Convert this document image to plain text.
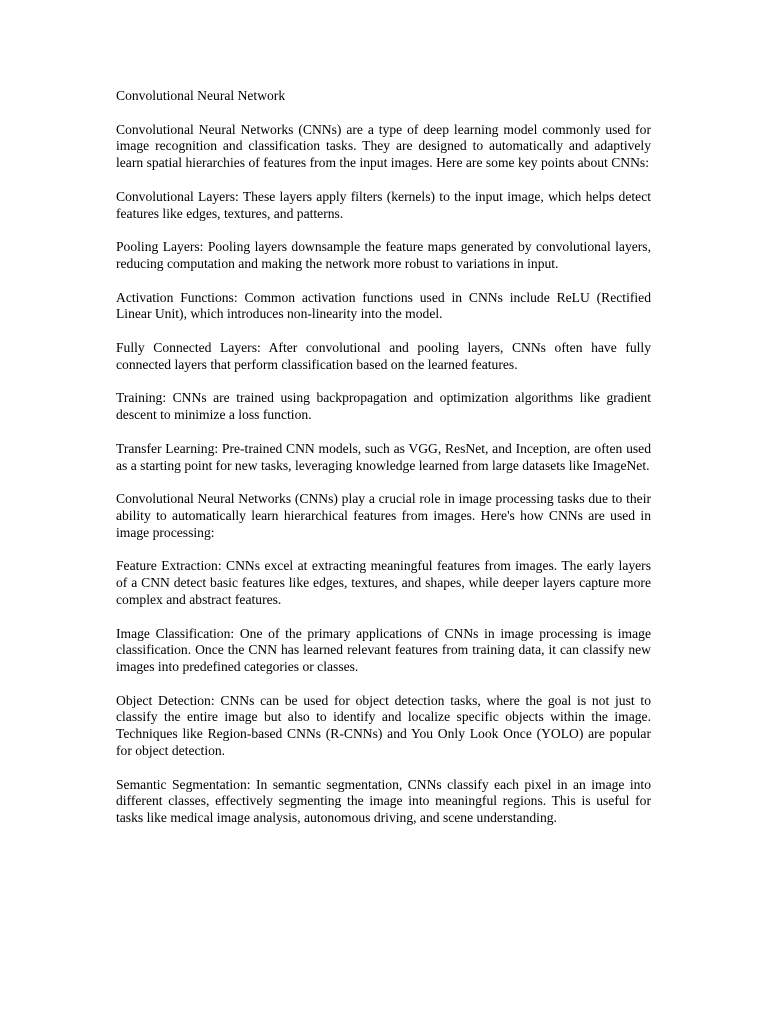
Convolutional Neural Network

Convolutional Neural Networks (CNNs) are a type of deep learning model commonly used for image recognition and classification tasks. They are designed to automatically and adaptively learn spatial hierarchies of features from the input images. Here are some key points about CNNs:

Convolutional Layers: These layers apply filters (kernels) to the input image, which helps detect features like edges, textures, and patterns.

Pooling Layers: Pooling layers downsample the feature maps generated by convolutional layers, reducing computation and making the network more robust to variations in input.

Activation Functions: Common activation functions used in CNNs include ReLU (Rectified Linear Unit), which introduces non-linearity into the model.

Fully Connected Layers: After convolutional and pooling layers, CNNs often have fully connected layers that perform classification based on the learned features.

Training: CNNs are trained using backpropagation and optimization algorithms like gradient descent to minimize a loss function.

Transfer Learning: Pre-trained CNN models, such as VGG, ResNet, and Inception, are often used as a starting point for new tasks, leveraging knowledge learned from large datasets like ImageNet.

Convolutional Neural Networks (CNNs) play a crucial role in image processing tasks due to their ability to automatically learn hierarchical features from images. Here's how CNNs are used in image processing:

Feature Extraction: CNNs excel at extracting meaningful features from images. The early layers of a CNN detect basic features like edges, textures, and shapes, while deeper layers capture more complex and abstract features.

Image Classification: One of the primary applications of CNNs in image processing is image classification. Once the CNN has learned relevant features from training data, it can classify new images into predefined categories or classes.

Object Detection: CNNs can be used for object detection tasks, where the goal is not just to classify the entire image but also to identify and localize specific objects within the image. Techniques like Region-based CNNs (R-CNNs) and You Only Look Once (YOLO) are popular for object detection.

Semantic Segmentation: In semantic segmentation, CNNs classify each pixel in an image into different classes, effectively segmenting the image into meaningful regions. This is useful for tasks like medical image analysis, autonomous driving, and scene understanding.
